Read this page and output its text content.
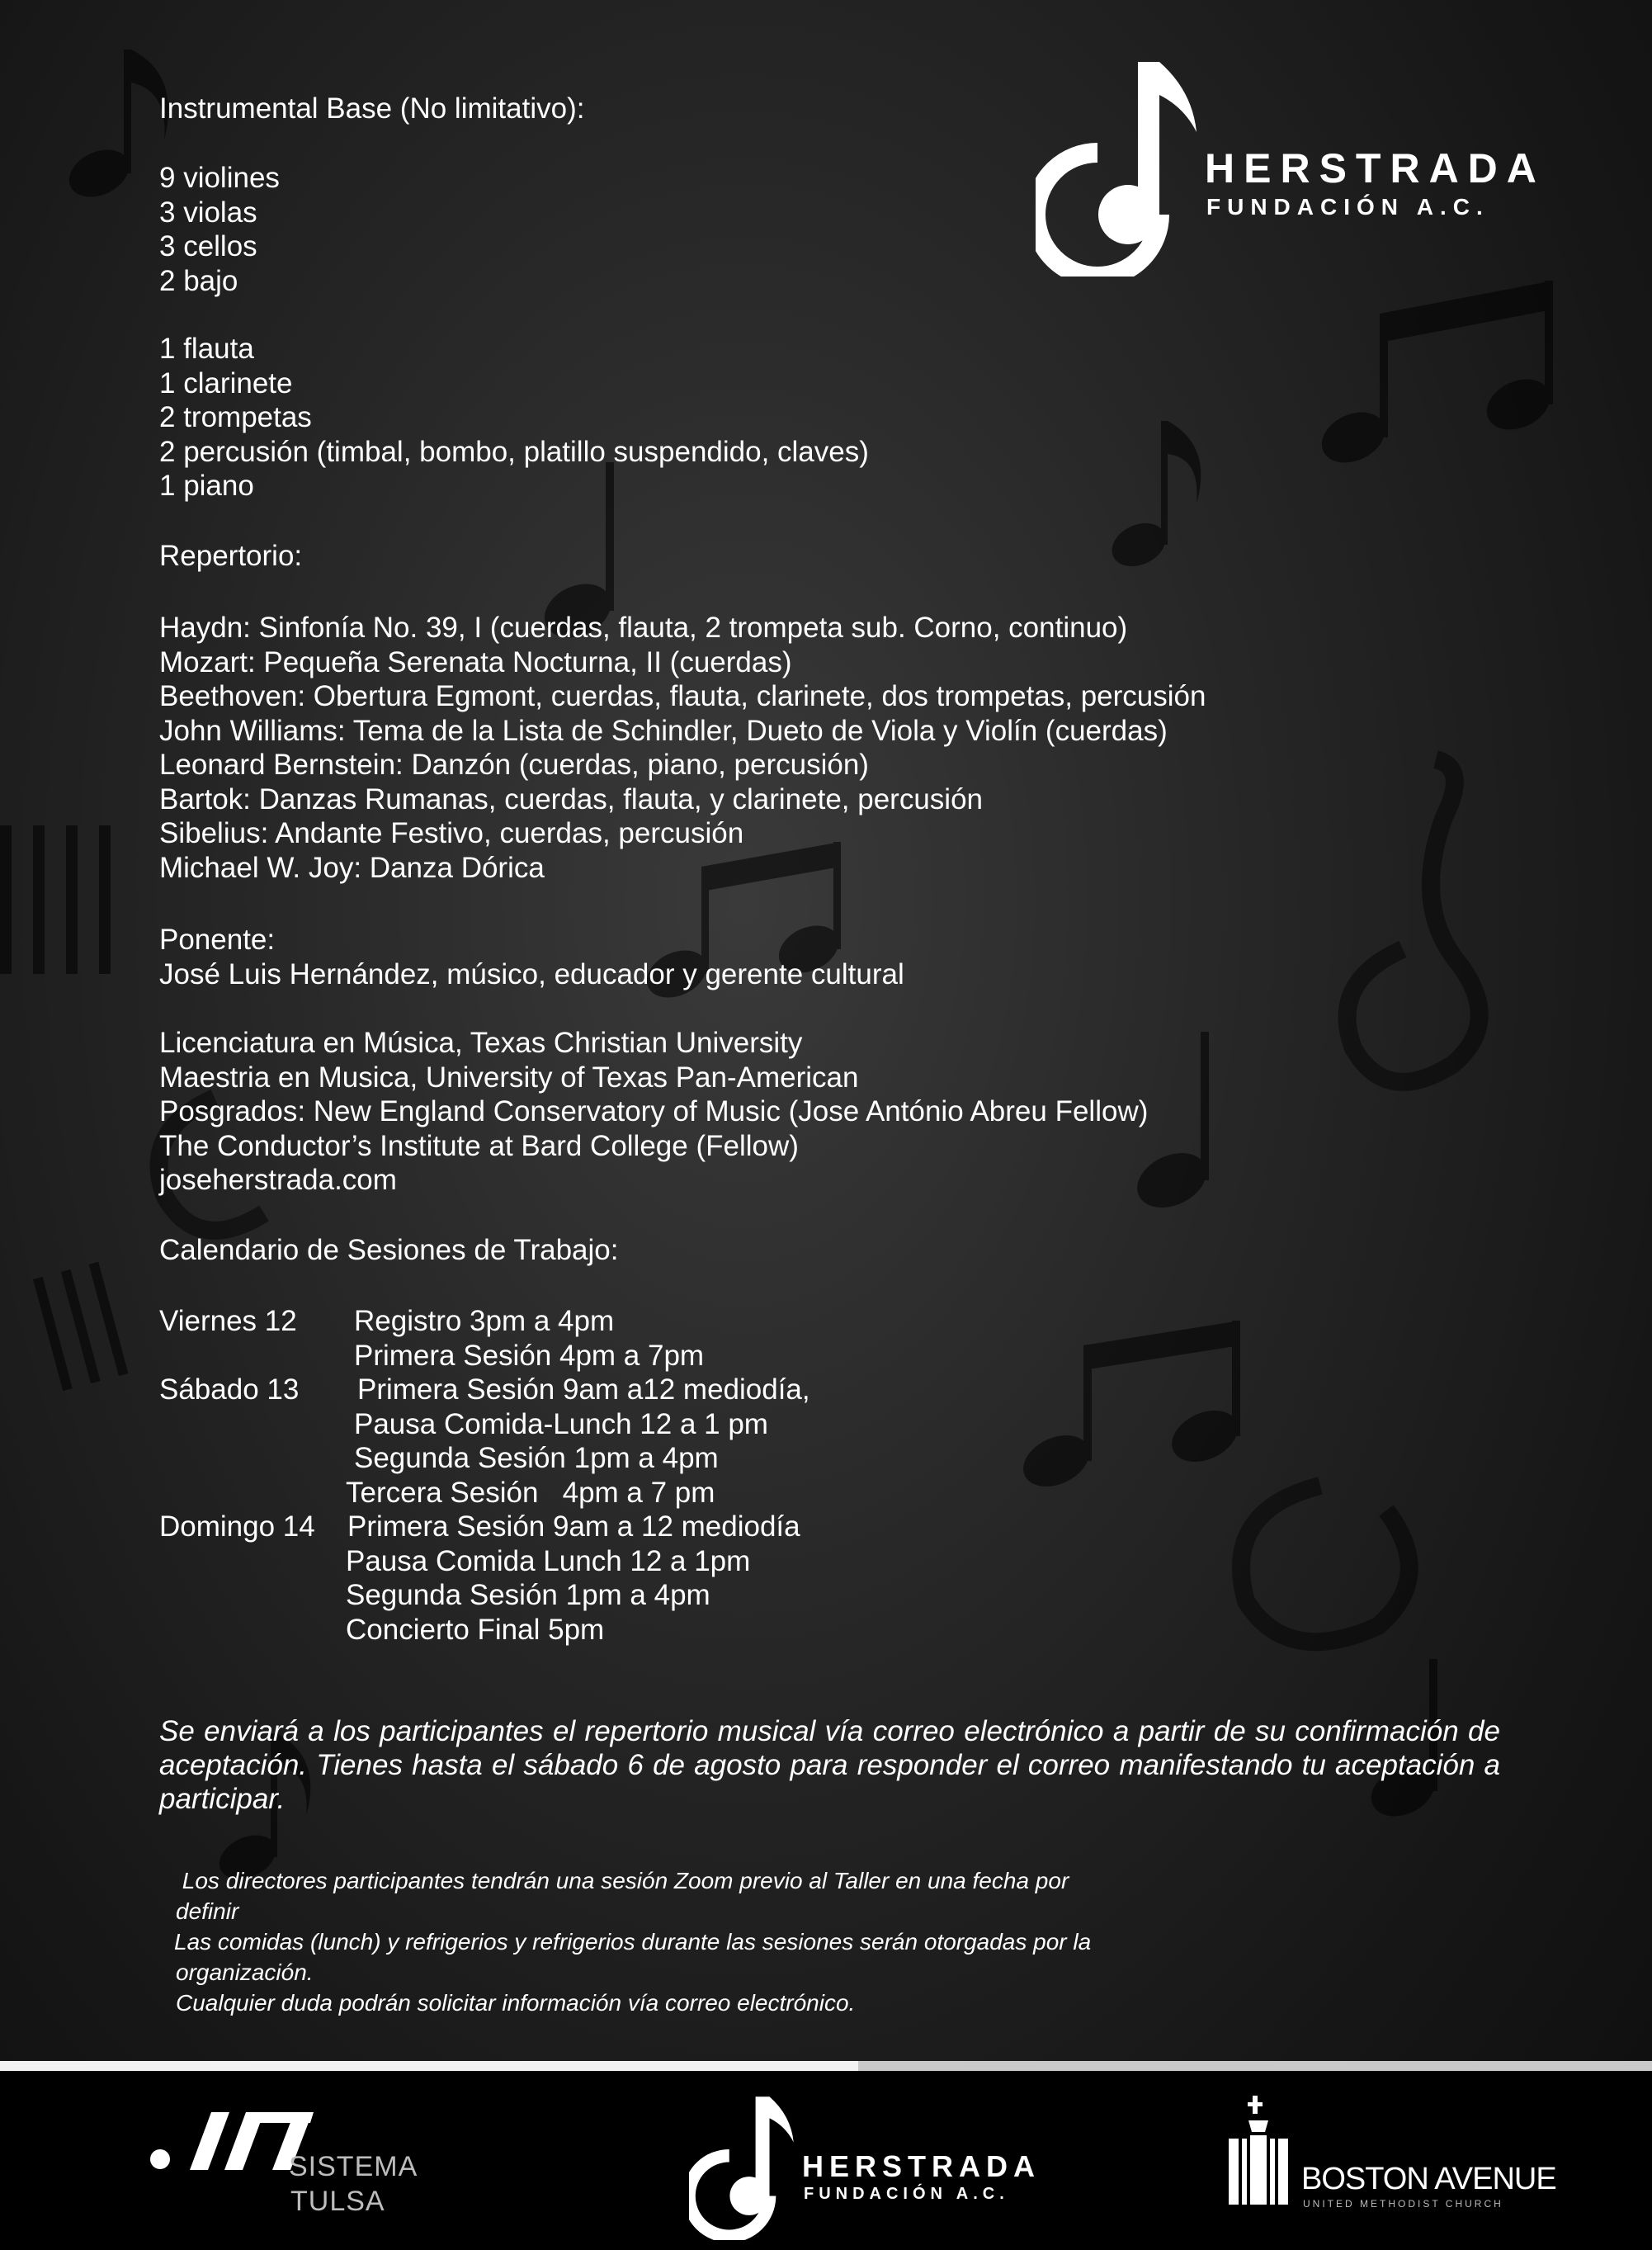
HERSTRADA
FUNDACIÓN A.C.
Instrumental Base (No limitativo):
9 violines
3 violas
3 cellos
2 bajo
1 flauta
1 clarinete
2 trompetas
2 percusión (timbal, bombo, platillo suspendido, claves)
1 piano
Repertorio:
Haydn: Sinfonía No. 39, I (cuerdas, flauta, 2 trompeta sub. Corno, continuo)
Mozart: Pequeña Serenata Nocturna, II (cuerdas)
Beethoven: Obertura Egmont, cuerdas, flauta, clarinete, dos trompetas, percusión
John Williams: Tema de la Lista de Schindler, Dueto de Viola y Violín (cuerdas)
Leonard Bernstein: Danzón (cuerdas, piano, percusión)
Bartok: Danzas Rumanas, cuerdas, flauta, y clarinete, percusión
Sibelius: Andante Festivo, cuerdas, percusión
Michael W. Joy: Danza Dórica
Ponente:
José Luis Hernández, músico, educador y gerente cultural
Licenciatura en Música, Texas Christian University
Maestria en Musica, University of Texas Pan-American
Posgrados: New England Conservatory of Music (Jose António Abreu Fellow)
The Conductor’s Institute at Bard College (Fellow)
joseherstrada.com
Calendario de Sesiones de Trabajo:
Viernes 12 Registro 3pm a 4pm
Primera Sesión 4pm a 7pm
Sábado 13 Primera Sesión 9am a12 mediodía,
Pausa Comida-Lunch 12 a 1 pm
Segunda Sesión 1pm a 4pm
Tercera Sesión   4pm a 7 pm
Domingo 14 Primera Sesión 9am a 12 mediodía
Pausa Comida Lunch 12 a 1pm
Segunda Sesión 1pm a 4pm
Concierto Final 5pm
Se enviará a los participantes el repertorio musical vía correo electrónico a partir de su confirmación de aceptación. Tienes hasta el sábado 6 de agosto para responder el correo manifestando tu aceptación a participar.
Los directores participantes tendrán una sesión Zoom previo al Taller en una fecha por
definir
Las comidas (lunch) y refrigerios y refrigerios durante las sesiones serán otorgadas por la
organización.
Cualquier duda podrán solicitar información vía correo electrónico.
SISTEMA
TULSA
HERSTRADA
FUNDACIÓN A.C.	BOSTON AVENUE
UNITED METHODIST CHURCH
